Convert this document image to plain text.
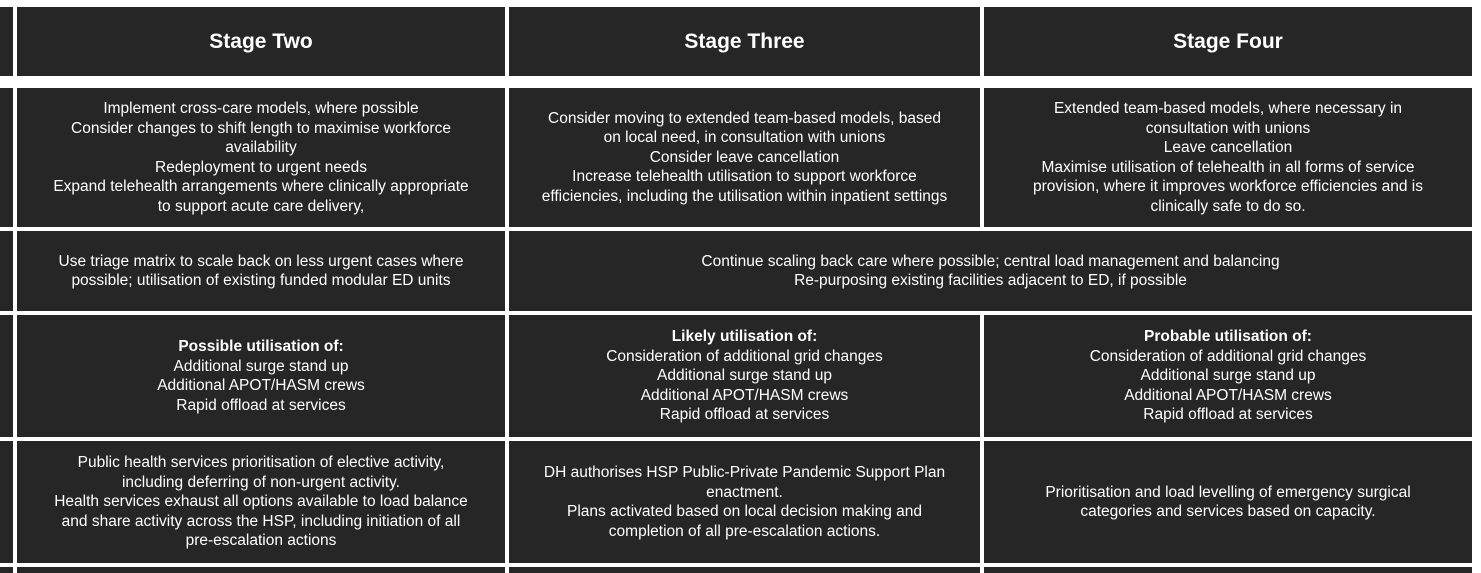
Stage Two	Stage Three	Stage Four
Implement cross-care models, where possible
Consider changes to shift length to maximise workforce
availability
Redeployment to urgent needs
Expand telehealth arrangements where clinically appropriate
to support acute care delivery,
Consider moving to extended team-based models, based
on local need, in consultation with unions
Consider leave cancellation
Increase telehealth utilisation to support workforce
efficiencies, including the utilisation within inpatient settings
Extended team-based models, where necessary in
consultation with unions
Leave cancellation
Maximise utilisation of telehealth in all forms of service
provision, where it improves workforce efficiencies and is
clinically safe to do so.
Use triage matrix to scale back on less urgent cases where
possible; utilisation of existing funded modular ED units
Continue scaling back care where possible; central load management and balancing
Re-purposing existing facilities adjacent to ED, if possible
Possible utilisation of:
Additional surge stand up
Additional APOT/HASM crews
Rapid offload at services
Likely utilisation of:
Consideration of additional grid changes
Additional surge stand up
Additional APOT/HASM crews
Rapid offload at services
Probable utilisation of:
Consideration of additional grid changes
Additional surge stand up
Additional APOT/HASM crews
Rapid offload at services
Public health services prioritisation of elective activity,
including deferring of non-urgent activity.
Health services exhaust all options available to load balance
and share activity across the HSP, including initiation of all
pre-escalation actions
DH authorises HSP Public-Private Pandemic Support Plan
enactment.
Plans activated based on local decision making and
completion of all pre-escalation actions.
Prioritisation and load levelling of emergency surgical
categories and services based on capacity.
